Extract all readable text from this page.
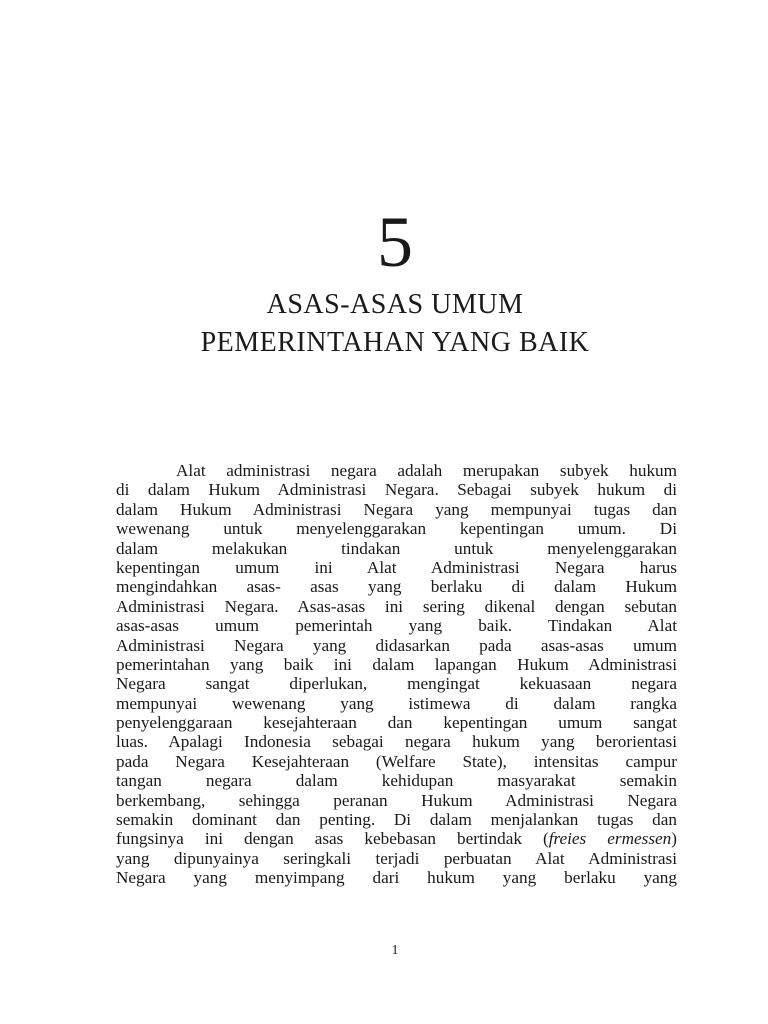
5
ASAS-ASAS UMUM
PEMERINTAHAN YANG BAIK
Alat administrasi negara adalah merupakan subyek hukum
di dalam Hukum Administrasi Negara. Sebagai subyek hukum di
dalam Hukum Administrasi Negara yang mempunyai tugas dan
wewenang untuk menyelenggarakan kepentingan umum. Di
dalam melakukan tindakan untuk menyelenggarakan
kepentingan umum ini Alat Administrasi Negara harus
mengindahkan asas- asas yang berlaku di dalam Hukum
Administrasi Negara. Asas-asas ini sering dikenal dengan sebutan
asas-asas umum pemerintah yang baik. Tindakan Alat
Administrasi Negara yang didasarkan pada asas-asas umum
pemerintahan yang baik ini dalam lapangan Hukum Administrasi
Negara sangat diperlukan, mengingat kekuasaan negara
mempunyai wewenang yang istimewa di dalam rangka
penyelenggaraan kesejahteraan dan kepentingan umum sangat
luas. Apalagi Indonesia sebagai negara hukum yang berorientasi
pada Negara Kesejahteraan (Welfare State), intensitas campur
tangan negara dalam kehidupan masyarakat semakin
berkembang, sehingga peranan Hukum Administrasi Negara
semakin dominant dan penting. Di dalam menjalankan tugas dan
fungsinya ini dengan asas kebebasan bertindak (freies ermessen)
yang dipunyainya seringkali terjadi perbuatan Alat Administrasi
Negara yang menyimpang dari hukum yang berlaku yang
1
